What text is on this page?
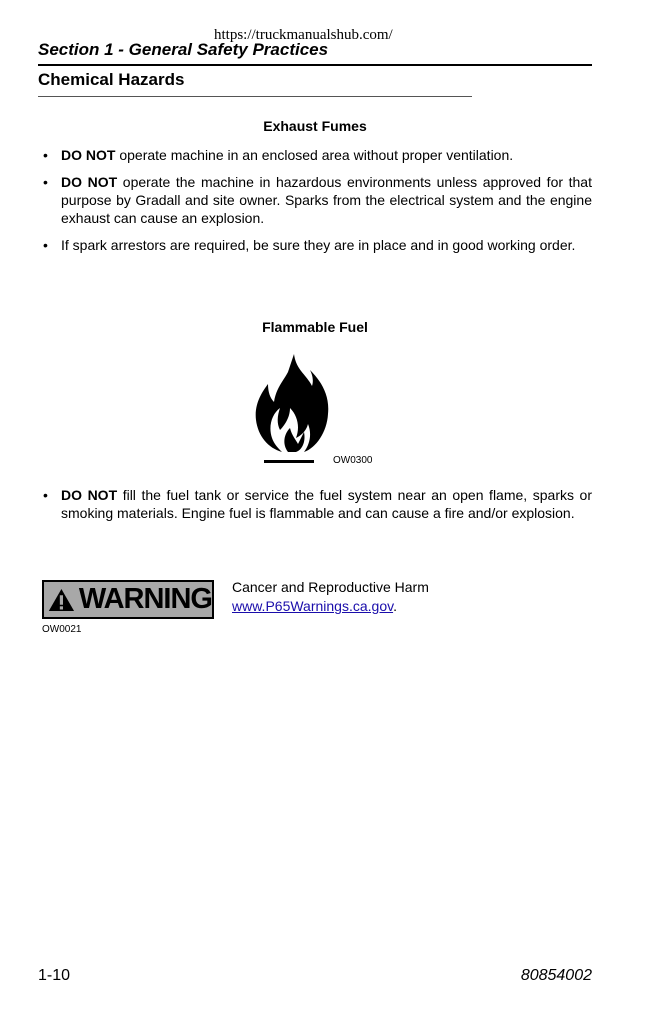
https://truckmanualshub.com/
Section 1 - General Safety Practices
Chemical Hazards
Exhaust Fumes
• DO NOT operate machine in an enclosed area without proper ventilation.
• DO NOT operate the machine in hazardous environments unless approved for that purpose by Gradall and site owner. Sparks from the electrical system and the engine exhaust can cause an explosion.
• If spark arrestors are required, be sure they are in place and in good working order.
Flammable Fuel
OW0300
• DO NOT fill the fuel tank or service the fuel system near an open flame, sparks or smoking materials. Engine fuel is flammable and can cause a fire and/or explosion.
WARNING
OW0021
Cancer and Reproductive Harm
www.P65Warnings.ca.gov.
1-10	80854002
